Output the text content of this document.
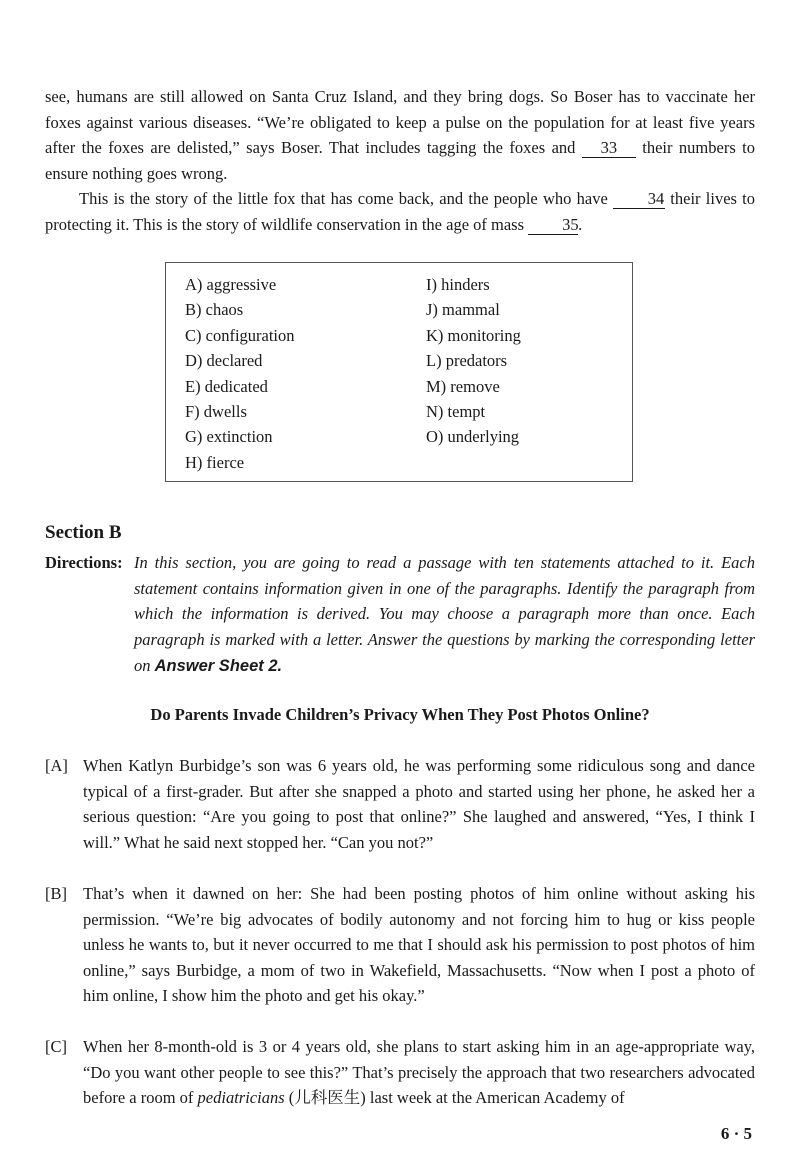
see, humans are still allowed on Santa Cruz Island, and they bring dogs. So Boser has to vaccinate her foxes against various diseases. “We’re obligated to keep a pulse on the population for at least five years after the foxes are delisted,” says Boser. That includes tagging the foxes and 33 their numbers to ensure nothing goes wrong.

This is the story of the little fox that has come back, and the people who have 34 their lives to protecting it. This is the story of wildlife conservation in the age of mass 35.

A) aggressive
B) chaos
C) configuration
D) declared
E) dedicated
F) dwells
G) extinction
H) fierce
I) hinders
J) mammal
K) monitoring
L) predators
M) remove
N) tempt
O) underlying
Section B
Directions: In this section, you are going to read a passage with ten statements attached to it. Each statement contains information given in one of the paragraphs. Identify the paragraph from which the information is derived. You may choose a paragraph more than once. Each paragraph is marked with a letter. Answer the questions by marking the corresponding letter on Answer Sheet 2.
Do Parents Invade Children’s Privacy When They Post Photos Online?
[A] When Katlyn Burbidge’s son was 6 years old, he was performing some ridiculous song and dance typical of a first-grader. But after she snapped a photo and started using her phone, he asked her a serious question: “Are you going to post that online?” She laughed and answered, “Yes, I think I will.” What he said next stopped her. “Can you not?”
[B] That’s when it dawned on her: She had been posting photos of him online without asking his permission. “We’re big advocates of bodily autonomy and not forcing him to hug or kiss people unless he wants to, but it never occurred to me that I should ask his permission to post photos of him online,” says Burbidge, a mom of two in Wakefield, Massachusetts. “Now when I post a photo of him online, I show him the photo and get his okay.”
[C] When her 8-month-old is 3 or 4 years old, she plans to start asking him in an age-appropriate way, “Do you want other people to see this?” That’s precisely the approach that two researchers advocated before a room of pediatricians (儿科医生) last week at the American Academy of
6 · 5
